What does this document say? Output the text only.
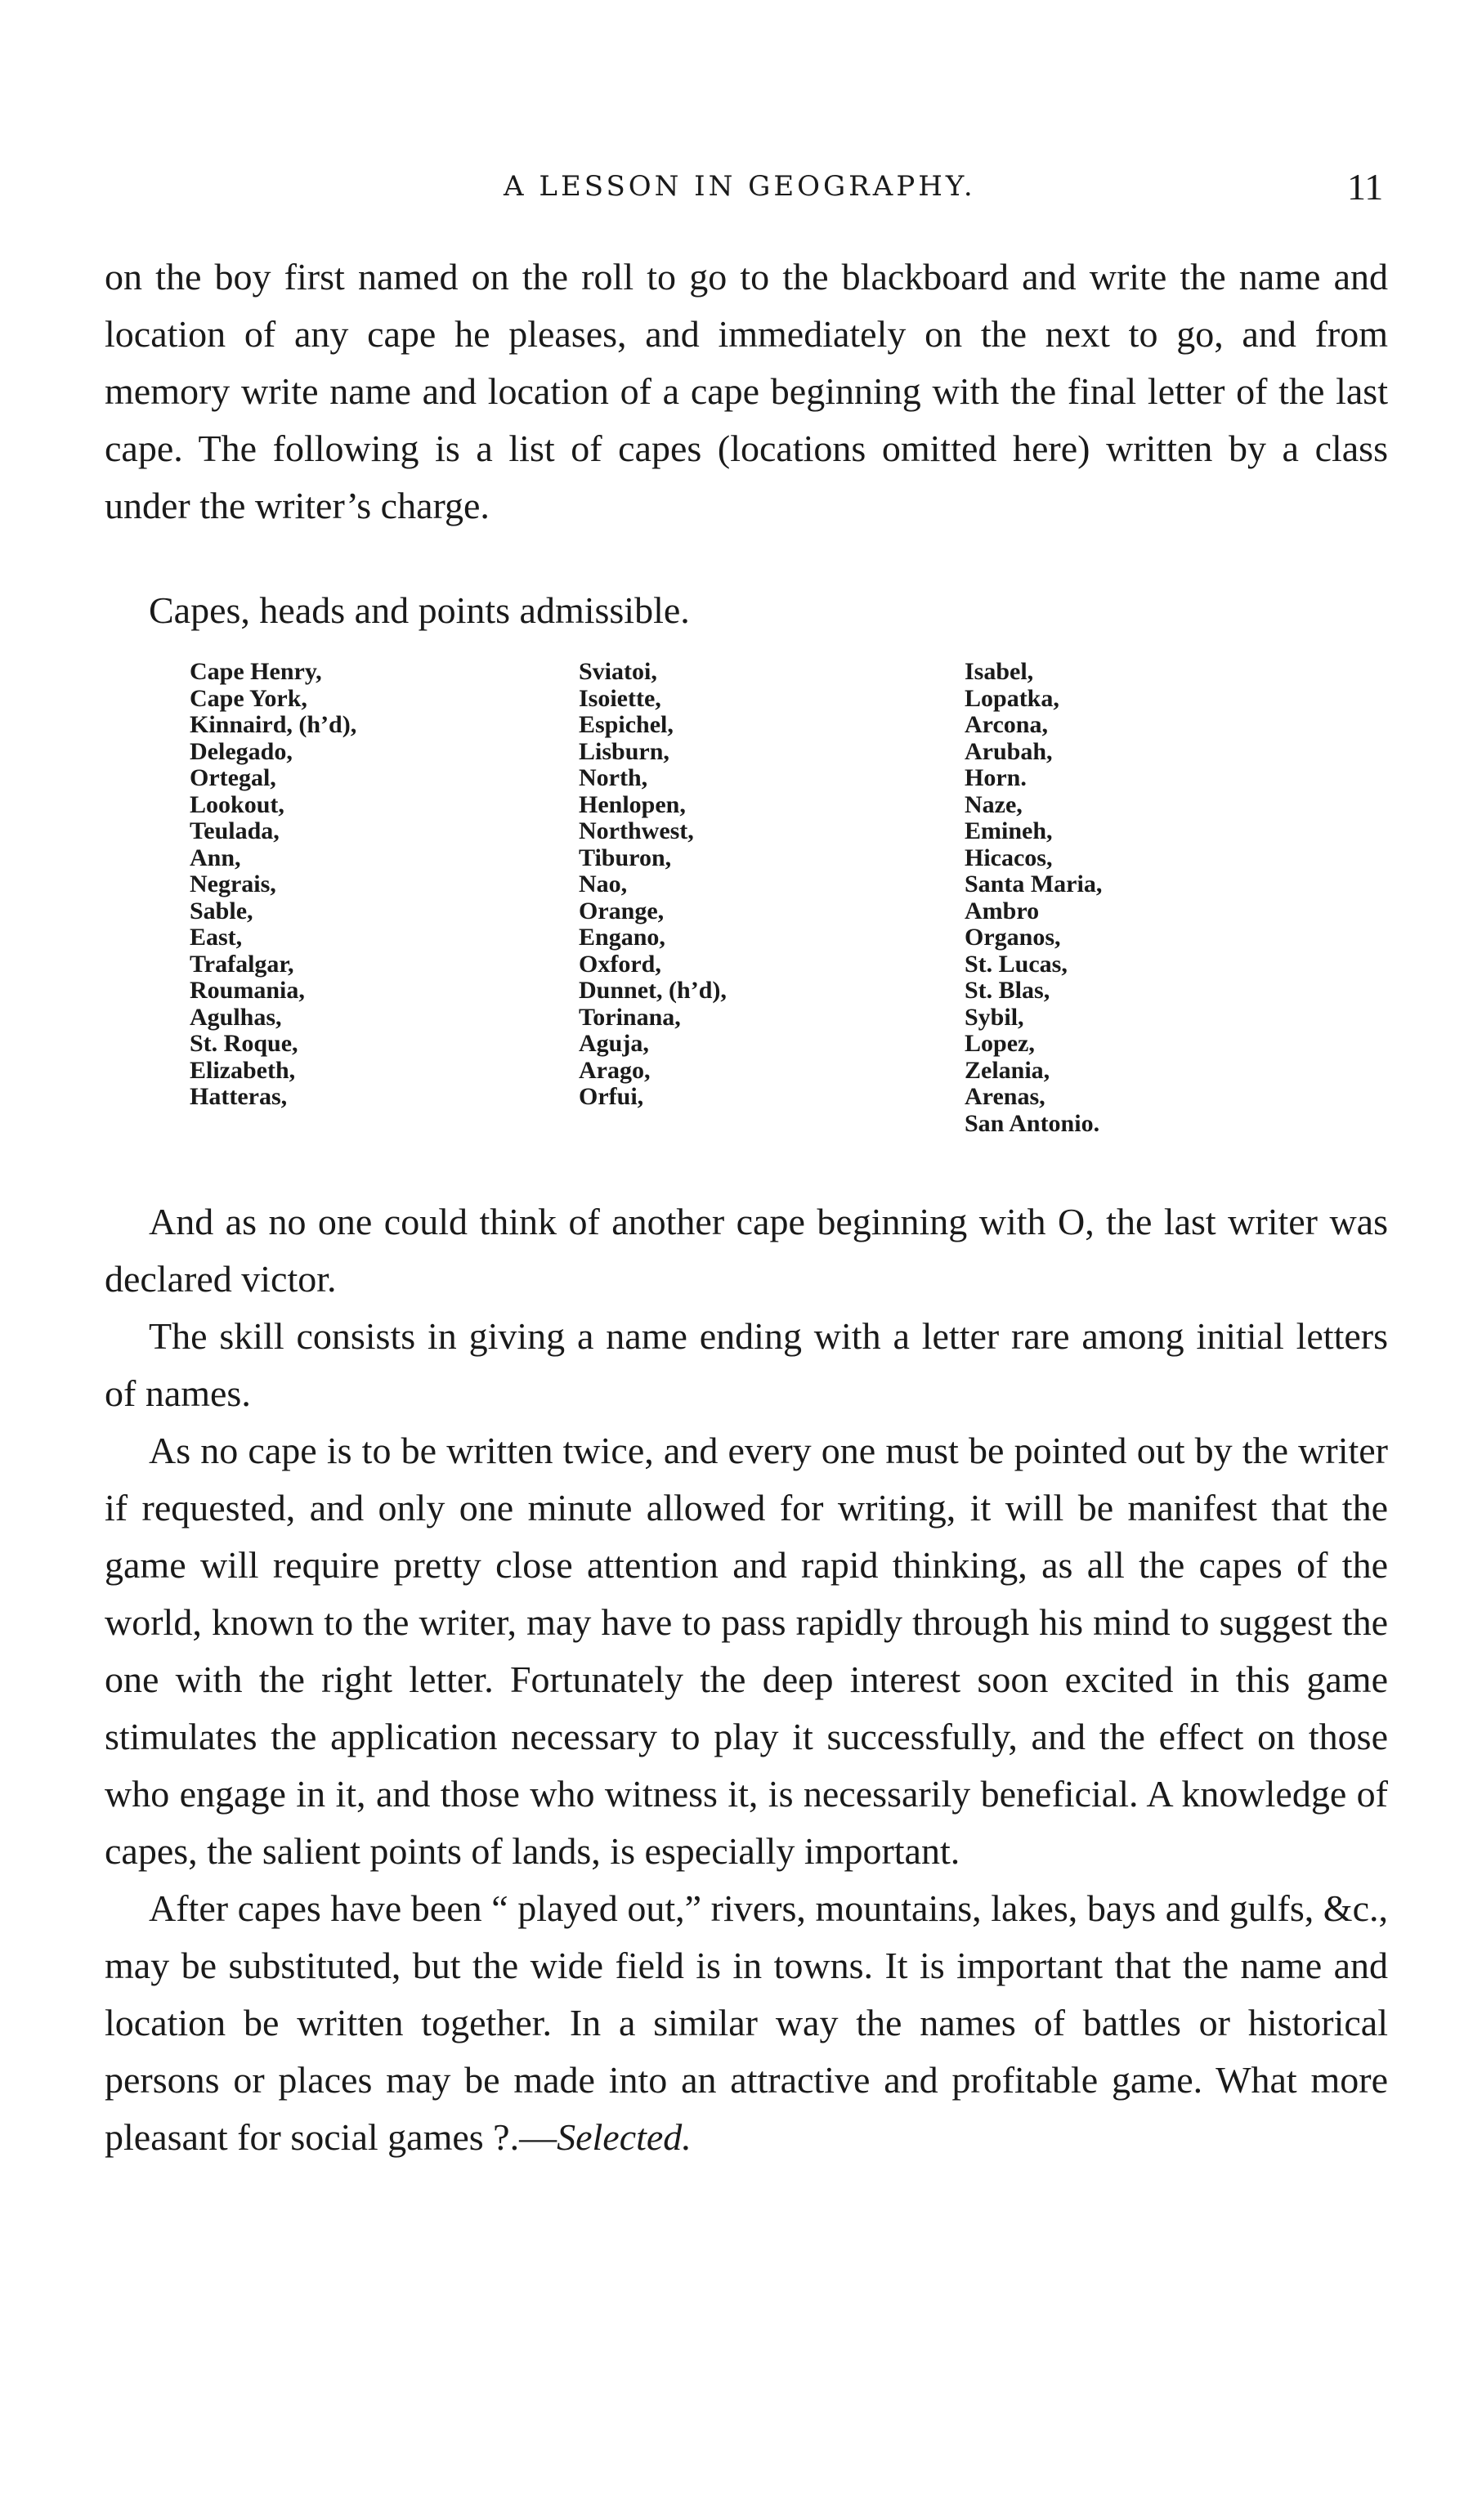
A LESSON IN GEOGRAPHY.	11

on the boy first named on the roll to go to the blackboard and write the name and location of any cape he pleases, and immediately on the next to go, and from memory write name and location of a cape beginning with the final letter of the last cape. The following is a list of capes (locations omitted here) written by a class under the writer’s charge.

Capes, heads and points admissible.
Cape Henry,
Cape York,
Kinnaird, (h’d),
Delegado,
Ortegal,
Lookout,
Teulada,
Ann,
Negrais,
Sable,
East,
Trafalgar,
Roumania,
Agulhas,
St. Roque,
Elizabeth,
Hatteras,
Sviatoi,
Isoiette,
Espichel,
Lisburn,
North,
Henlopen,
Northwest,
Tiburon,
Nao,
Orange,
Engano,
Oxford,
Dunnet, (h’d),
Torinana,
Aguja,
Arago,
Orfui,
Isabel,
Lopatka,
Arcona,
Arubah,
Horn.
Naze,
Emineh,
Hicacos,
Santa Maria,
Ambro
Organos,
St. Lucas,
St. Blas,
Sybil,
Lopez,
Zelania,
Arenas,
San Antonio.

And as no one could think of another cape beginning with O, the last writer was declared victor.

The skill consists in giving a name ending with a letter rare among initial letters of names.

As no cape is to be written twice, and every one must be pointed out by the writer if requested, and only one minute allowed for writing, it will be manifest that the game will require pretty close attention and rapid thinking, as all the capes of the world, known to the writer, may have to pass rapidly through his mind to suggest the one with the right letter. Fortunately the deep interest soon excited in this game stimulates the application necessary to play it successfully, and the effect on those who engage in it, and those who witness it, is necessarily beneficial. A knowledge of capes, the salient points of lands, is especially important.

After capes have been “ played out,” rivers, mountains, lakes, bays and gulfs, &c., may be substituted, but the wide field is in towns. It is important that the name and location be written together. In a similar way the names of battles or historical persons or places may be made into an attractive and profitable game. What more pleasant for social games ?.—Selected.
